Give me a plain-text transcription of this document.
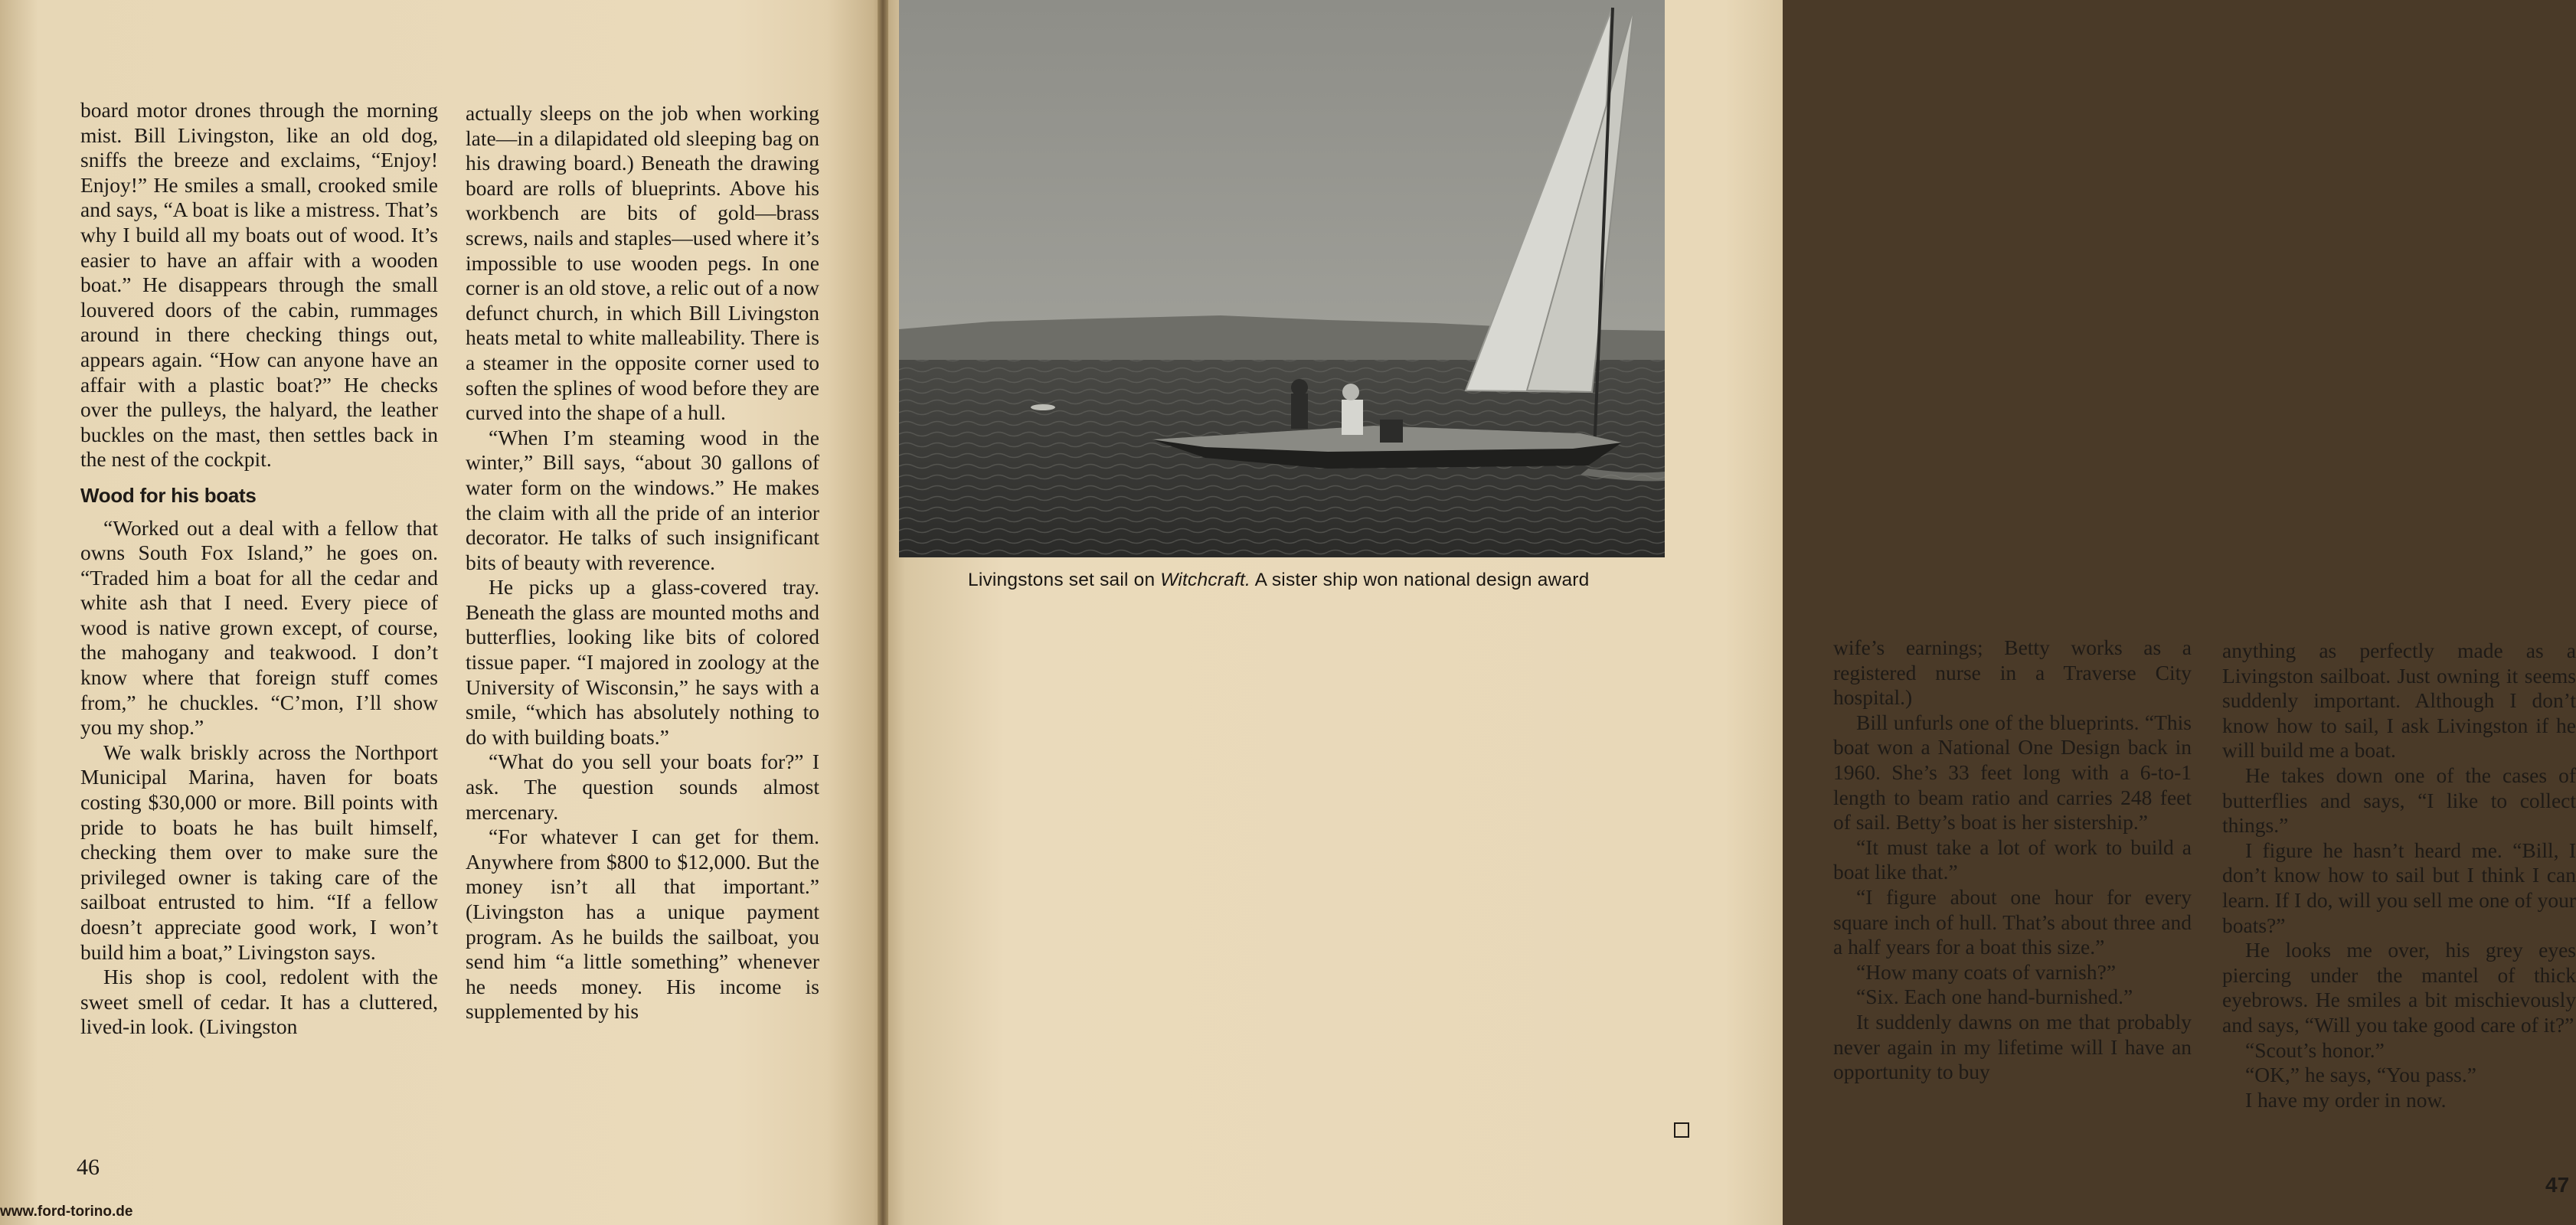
board motor drones through the morning mist. Bill Livingston, like an old dog, sniffs the breeze and exclaims, “Enjoy! Enjoy!” He smiles a small, crooked smile and says, “A boat is like a mistress. That’s why I build all my boats out of wood. It’s easier to have an affair with a wooden boat.” He disappears through the small louvered doors of the cabin, rummages around in there checking things out, appears again. “How can anyone have an affair with a plastic boat?” He checks over the pulleys, the halyard, the leather buckles on the mast, then settles back in the nest of the cockpit.

Wood for his boats

“Worked out a deal with a fellow that owns South Fox Island,” he goes on. “Traded him a boat for all the cedar and white ash that I need. Every piece of wood is native grown except, of course, the mahogany and teakwood. I don’t know where that foreign stuff comes from,” he chuckles. “C’mon, I’ll show you my shop.”

We walk briskly across the Northport Municipal Marina, haven for boats costing $30,000 or more. Bill points with pride to boats he has built himself, checking them over to make sure the privileged owner is taking care of the sailboat entrusted to him. “If a fellow doesn’t appreciate good work, I won’t build him a boat,” Livingston says.

His shop is cool, redolent with the sweet smell of cedar. It has a cluttered, lived-in look. (Livingston

actually sleeps on the job when working late—in a dilapidated old sleeping bag on his drawing board.) Beneath the drawing board are rolls of blueprints. Above his workbench are bits of gold—brass screws, nails and staples—used where it’s impossible to use wooden pegs. In one corner is an old stove, a relic out of a now defunct church, in which Bill Livingston heats metal to white malleability. There is a steamer in the opposite corner used to soften the splines of wood before they are curved into the shape of a hull.

“When I’m steaming wood in the winter,” Bill says, “about 30 gallons of water form on the windows.” He makes the claim with all the pride of an interior decorator. He talks of such insignificant bits of beauty with reverence.

He picks up a glass-covered tray. Beneath the glass are mounted moths and butterflies, looking like bits of colored tissue paper. “I majored in zoology at the University of Wisconsin,” he says with a smile, “which has absolutely nothing to do with building boats.”

“What do you sell your boats for?” I ask. The question sounds almost mercenary.

“For whatever I can get for them. Anywhere from $800 to $12,000. But the money isn’t all that important.” (Livingston has a unique payment program. As he builds the sailboat, you send him “a little something” whenever he needs money. His income is supplemented by his

46
www.ford-torino.de

wife’s earnings; Betty works as a registered nurse in a Traverse City hospital.)

Bill unfurls one of the blueprints. “This boat won a National One Design back in 1960. She’s 33 feet long with a 6-to-1 length to beam ratio and carries 248 feet of sail. Betty’s boat is her sistership.”

“It must take a lot of work to build a boat like that.”

“I figure about one hour for every square inch of hull. That’s about three and a half years for a boat this size.”

“How many coats of varnish?”

“Six. Each one hand-burnished.”

It suddenly dawns on me that probably never again in my lifetime will I have an opportunity to buy

anything as perfectly made as a Livingston sailboat. Just owning it seems suddenly important. Although I don’t know how to sail, I ask Livingston if he will build me a boat.

He takes down one of the cases of butterflies and says, “I like to collect things.”

I figure he hasn’t heard me. “Bill, I don’t know how to sail but I think I can learn. If I do, will you sell me one of your boats?”

He looks me over, his grey eyes piercing under the mantel of thick eyebrows. He smiles a bit mischievously and says, “Will you take good care of it?”

“Scout’s honor.”

“OK,” he says, “You pass.”

I have my order in now.

47
Livingstons set sail on Witchcraft. A sister ship won national design award
